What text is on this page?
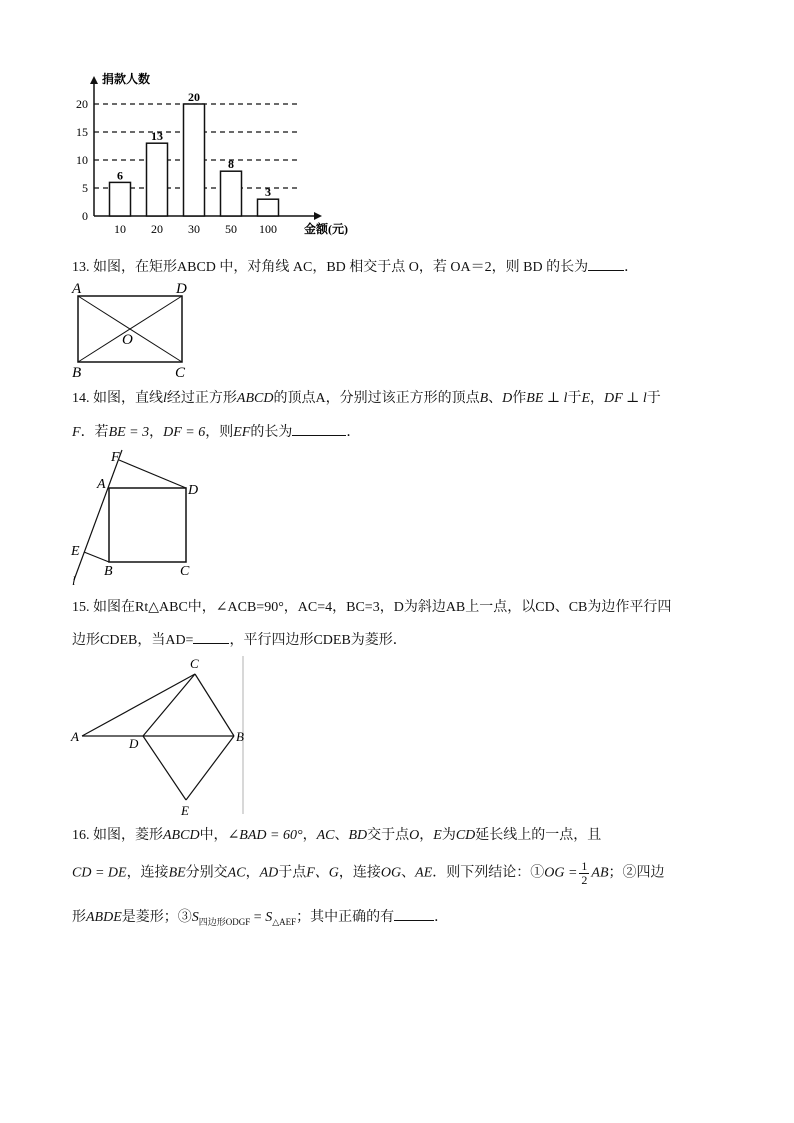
0
5
10
15
20
6
10
13
20
20
30
8
50
3
100
捐款人数
金额(元)
13. 如图，在矩形ABCD 中，对角线 AC，BD 相交于点 O，若 OA＝2，则 BD 的长为	．
A	D
O
B	C
14. 如图，直线l经过正方形ABCD的顶点A，分别过该正方形的顶点B、D作BE ⊥ l于E，DF ⊥ l于
F．若BE = 3，DF = 6，则EF的长为	．
F
A	D
E
B	C
l
15. 如图在Rt△ABC中，∠ACB=90°，AC=4，BC=3，D为斜边AB上一点，以CD、CB为边作平行四
边形CDEB，当AD=	，平行四边形CDEB为菱形．
C
A	D	B
E
16. 如图，菱形ABCD中，∠BAD = 60°，AC、BD交于点O，E为CD延长线上的一点，且
CD = DE，连接BE分别交AC，AD于点F、G，连接OG、AE．则下列结论：①OG = $\frac{1}{2}$ AB；②四边
形ABDE是菱形；$③S_{四边形ODGF} = S_{\triangle AEF}$；其中正确的有	．
